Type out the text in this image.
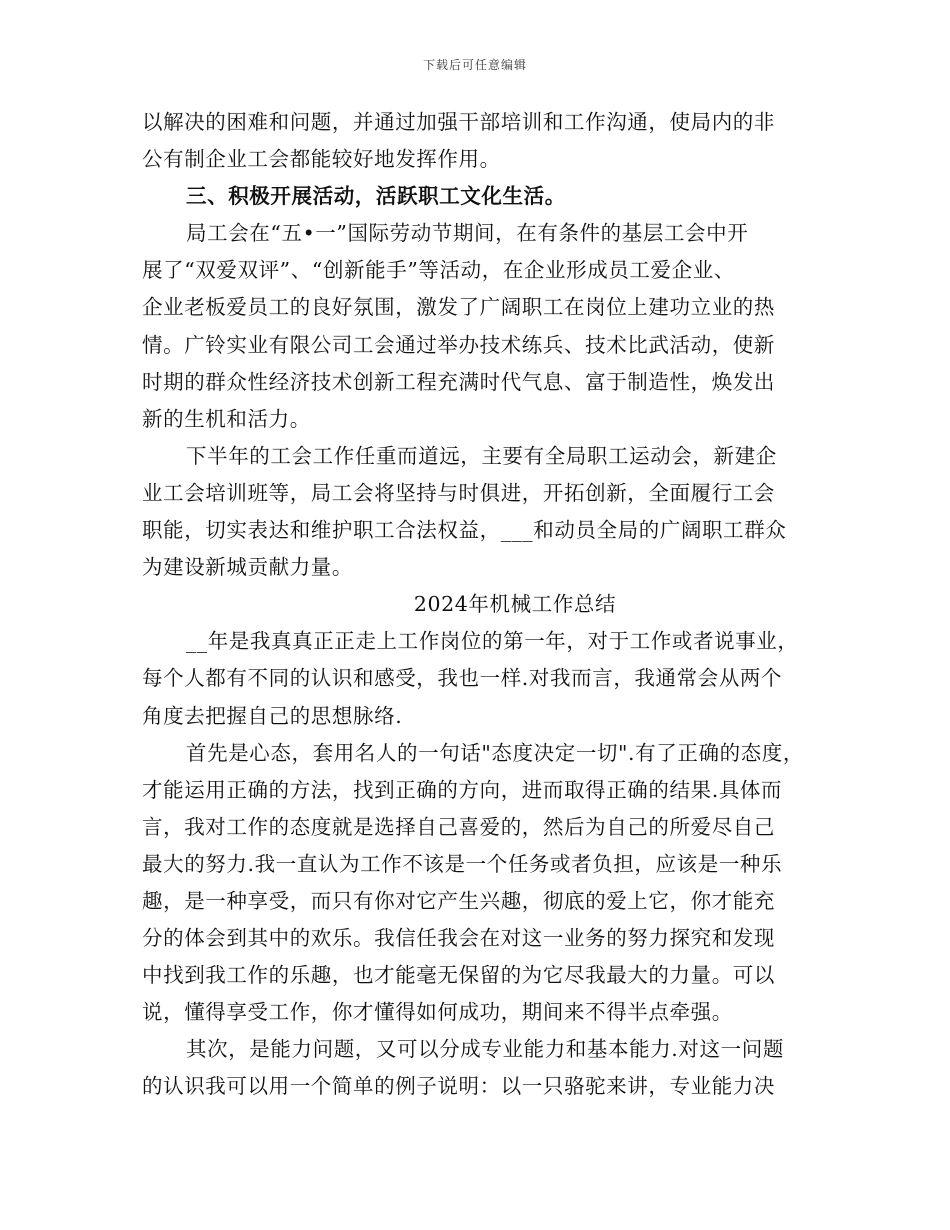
下载后可任意编辑
以解决的困难和问题，并通过加强干部培训和工作沟通，使局内的非
公有制企业工会都能较好地发挥作用。
三、积极开展活动，活跃职工文化生活。
局工会在“五•一”国际劳动节期间，在有条件的基层工会中开
展了“双爱双评”、“创新能手”等活动，在企业形成员工爱企业、
企业老板爱员工的良好氛围，激发了广阔职工在岗位上建功立业的热
情。广铃实业有限公司工会通过举办技术练兵、技术比武活动，使新
时期的群众性经济技术创新工程充满时代气息、富于制造性，焕发出
新的生机和活力。
下半年的工会工作任重而道远，主要有全局职工运动会，新建企
业工会培训班等，局工会将坚持与时俱进，开拓创新，全面履行工会
职能，切实表达和维护职工合法权益，___和动员全局的广阔职工群众
为建设新城贡献力量。
2024年机械工作总结
__年是我真真正正走上工作岗位的第一年，对于工作或者说事业，
每个人都有不同的认识和感受，我也一样.对我而言，我通常会从两个
角度去把握自己的思想脉络.
首先是心态，套用名人的一句话"态度决定一切".有了正确的态度，
才能运用正确的方法，找到正确的方向，进而取得正确的结果.具体而
言，我对工作的态度就是选择自己喜爱的，然后为自己的所爱尽自己
最大的努力.我一直认为工作不该是一个任务或者负担，应该是一种乐
趣，是一种享受，而只有你对它产生兴趣，彻底的爱上它，你才能充
分的体会到其中的欢乐。我信任我会在对这一业务的努力探究和发现
中找到我工作的乐趣，也才能毫无保留的为它尽我最大的力量。可以
说，懂得享受工作，你才懂得如何成功，期间来不得半点牵强。
其次，是能力问题，又可以分成专业能力和基本能力.对这一问题
的认识我可以用一个简单的例子说明：以一只骆驼来讲，专业能力决
